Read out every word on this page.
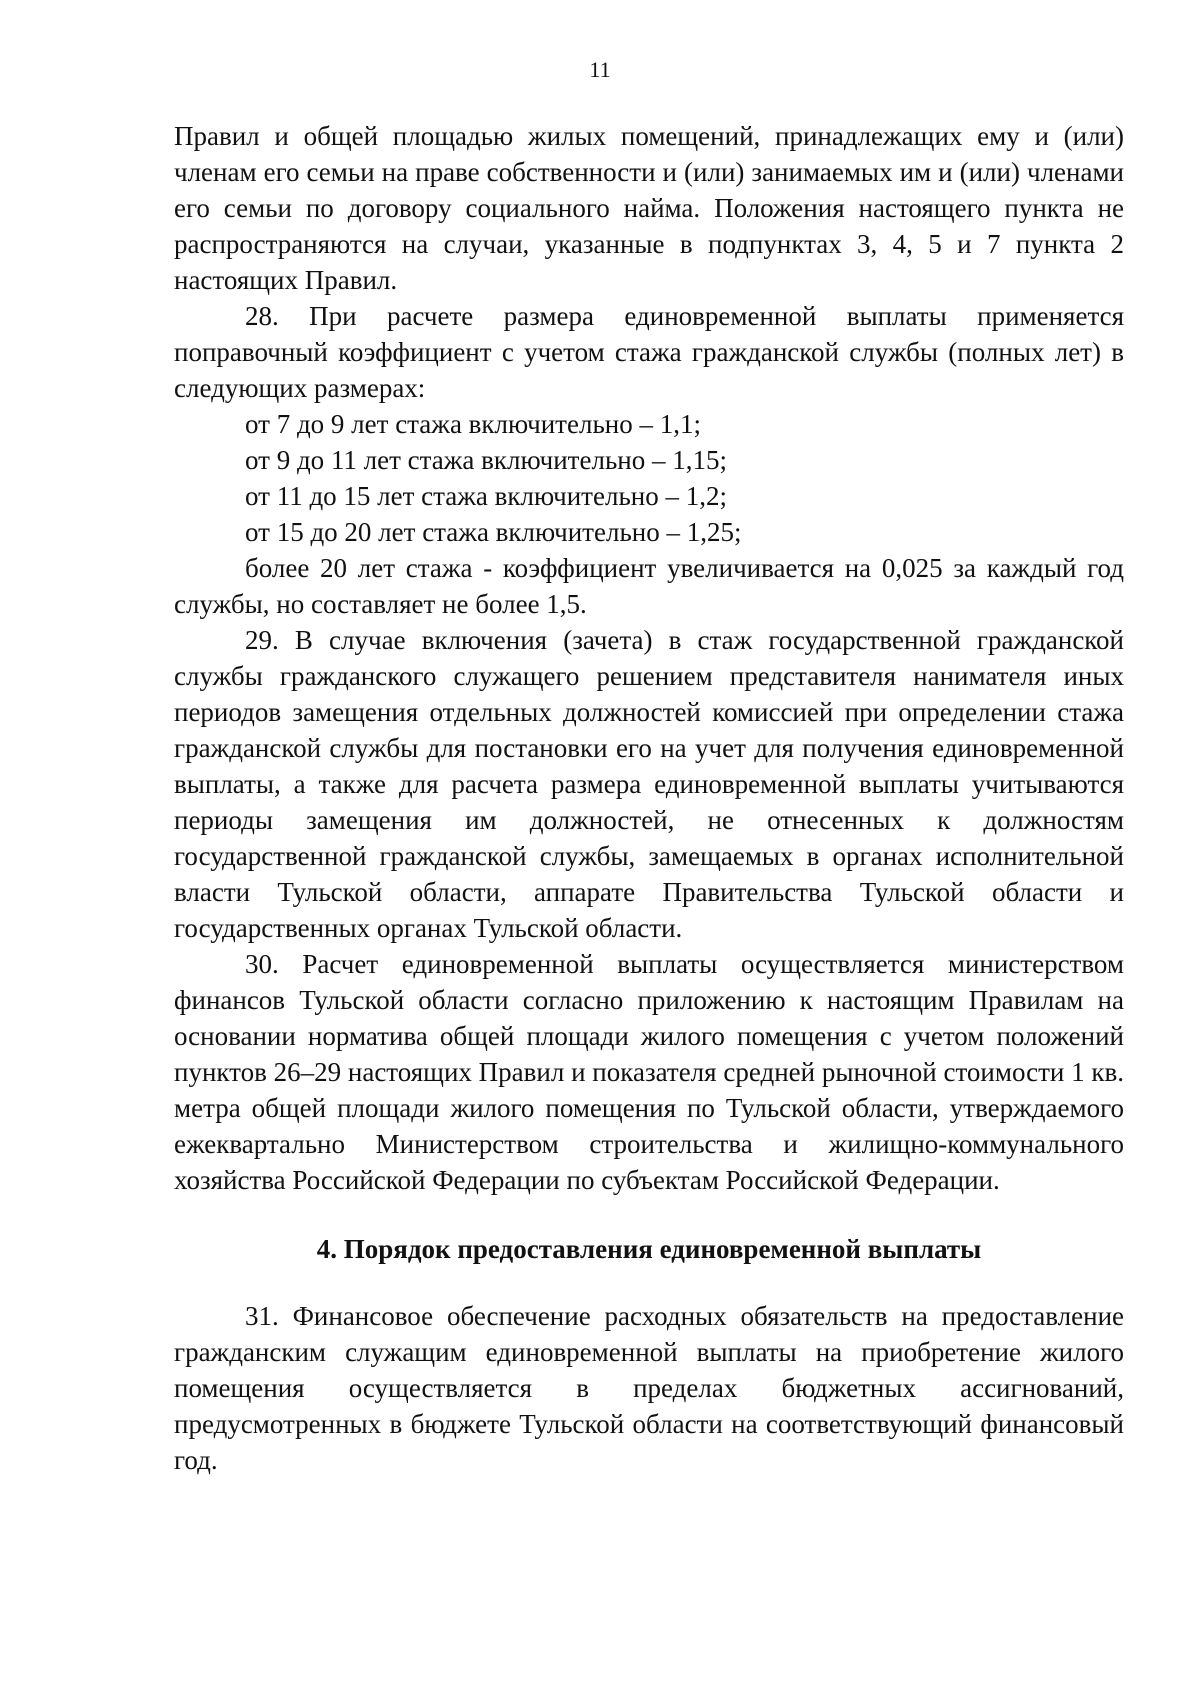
11

Правил и общей площадью жилых помещений, принадлежащих ему и (или) членам его семьи на праве собственности и (или) занимаемых им и (или) членами его семьи по договору социального найма. Положения настоящего пункта не распространяются на случаи, указанные в подпунктах 3, 4, 5 и 7 пункта 2 настоящих Правил.

28. При расчете размера единовременной выплаты применяется поправочный коэффициент с учетом стажа гражданской службы (полных лет) в следующих размерах:

от 7 до 9 лет стажа включительно – 1,1;

от 9 до 11 лет стажа включительно – 1,15;

от 11 до 15 лет стажа включительно – 1,2;

от 15 до 20 лет стажа включительно – 1,25;

более 20 лет стажа - коэффициент увеличивается на 0,025 за каждый год службы, но составляет не более 1,5.

29. В случае включения (зачета) в стаж государственной гражданской службы гражданского служащего решением представителя нанимателя иных периодов замещения отдельных должностей комиссией при определении стажа гражданской службы для постановки его на учет для получения единовременной выплаты, а также для расчета размера единовременной выплаты учитываются периоды замещения им должностей, не отнесенных к должностям государственной гражданской службы, замещаемых в органах исполнительной власти Тульской области, аппарате Правительства Тульской области и государственных органах Тульской области.

30. Расчет единовременной выплаты осуществляется министерством финансов Тульской области согласно приложению к настоящим Правилам на основании норматива общей площади жилого помещения с учетом положений пунктов 26–29 настоящих Правил и показателя средней рыночной стоимости 1 кв. метра общей площади жилого помещения по Тульской области, утверждаемого ежеквартально Министерством строительства и жилищно-коммунального хозяйства Российской Федерации по субъектам Российской Федерации.

4. Порядок предоставления единовременной выплаты

31. Финансовое обеспечение расходных обязательств на предоставление гражданским служащим единовременной выплаты на приобретение жилого помещения осуществляется в пределах бюджетных ассигнований, предусмотренных в бюджете Тульской области на соответствующий финансовый год.
